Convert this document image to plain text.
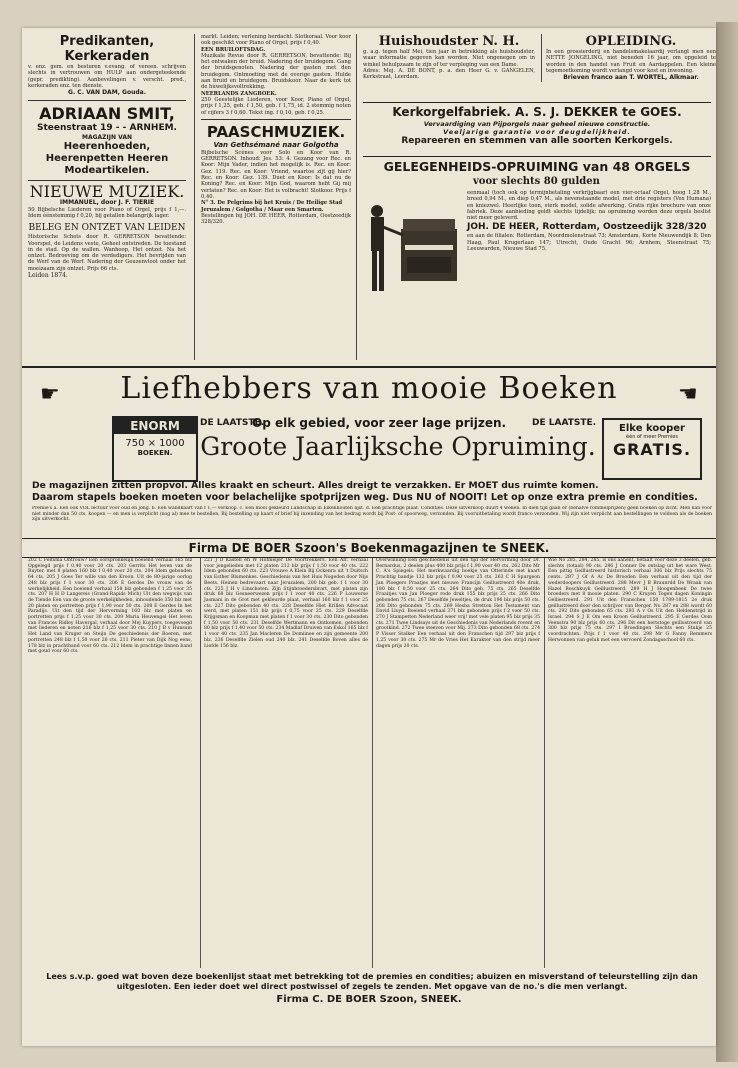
Predikanten, Kerkeraden
v. enz. gem. en besturen v.evang. of vereen. schrijven slechts in vertrouwen om HULP aan ondergeteekende (gepr. predikting). Aanbevelingen v. verscht. pred., kerkeraden enz. ten dienste.
G. C. VAN DAM, Gouda.
ADRIAAN SMIT,
Steenstraat 19 - - ARNHEM.
MAGAZIJN VAN
Heerenhoeden, Heerenpetten Heeren Modeartikelen.
NIEUWE MUZIEK.
IMMANUEL, door J. F. TIERIE
50 Bijbelsche Liederen voor Piano of Orgel, prijs f 1,—. Idem éénstemmig f 0,20, bij getallen belangrijk lager.
BELEG EN ONTZET VAN LEIDEN
Historische Schets door R. GERRETSON bevattende: Voorspel, de Leidens veste, Geheel ontstreden. De toestand in de stad. Op de wallen. Wanhoop, Het ontzet. Na het ontzet. Bedroeving om de verdedigers. Het bevrijden van de Werf van de Werf. Nadering der Geuzenvloot onder het moeizaam zijn ontzet. Prijs 66 cts.
Leiden 1874.
markt. Leiden; verlening herdacht. Slotkoraal. Voor koor ook geschikt voor Piano of Orgel, prijs f 0,40.
EEN BRUILOFTSDAG.
Muzikale Revue door R. GERRETSON, bevattende: Bij het ontwaken der bruid. Nadering der bruidegom. Gang der bruidsgenoten. Nadering der gasten met den bruidegom. Ontmoeting met de overige gasten. Hulde aan bruid en bruidegom. Bruidskoor. Naar de kerk tot de huwelijksvoltrekking.
NEERLANDS ZANGBOEK.
250 Geestelijke Liederen, voor Koor, Piano of Orgel, prijs f 1,25, geb. f 1,50, geb. f 1,75, id. 2 stemmig noten of cijfers 3 f 0,60. Tekst ing. f 0,10, geb. f 0,25.
PAASCHMUZIEK.
Van Gethsémané naar Golgotha
Bijbelsche Scènes voor Solo en Koor van R. GERRETSON. Inhoud: Jes. 53: 4. Gezang voor Rec. en Koor: Mijn Vader, indien het mogelijk is. Rec. en Koor: Gez. 119. Rec. en Koor: Vriend, waartoe zijt gij hier? Rec. en Koor: Gez. 139. Duet en Koor: Is dat nu de Koning? Rec. en Koor: Mijn God, waarom hebt Gij mij verlaten? Rec. en Koor: Het is volbracht! Slotkoor. Prijs f 0,40.
N° 3. De Pelgrims bij het Kruis / De Heilige Stad Jeruzalem / Golgotha / Maar een Smarten.
Bestellingen bij JOH. DE HEER, Rotterdam, Oostzeedijk 328/320.
Huishoudster N. H.
g. a.g. tegen half Mei, tien jaar in betrekking als huishoudster, waar informatie gegeven kan worden. Niet ongenegen om in winkel behulpzaam te zijn of ter verpleging van een Dame.
Adres: Mej. A. DE BONT, p. a. den Heer G. v. GANGELEN, Kerkstraat, Leerdam.
OPLEIDING.
In een grossierderij en handelsmakelaardij verlangt men een NETTE JONGELING, niet beneden 16 jaar, om opgeleid te worden in den handel van Fruit en Aardappelen. Een kleine tegemoetkoming wordt verlangd voor kost en inwoning.
Brieven franco aan T. WORTEL, Alkmaar.
Kerkorgelfabriek. A. S. J. DEKKER te GOES.
Vervaardiging van Pijporgels naar geheel nieuwe constructie.
Veeljarige garantie voor deugdelijkheid.
Repareeren en stemmen van alle soorten Kerkorgels.
GELEGENHEIDS-OPRUIMING van 48 ORGELS
voor slechts 80 gulden
eenmaal (toch ook op termijnbetaling verkrijgbaar) een vier-octaaf Orgel, hoog 1,28 M., breed 0,94 M., en diep 0,47 M., als nevenstaande model, met drie registers (Vox Humana) en kniezwel. Heerlijke toon, sterk model, solide afwerking. Gratis rijke brochure van onze fabriek. Deze aanbieding geldt slechts tijdelijk; na opruiming worden deze orgels beslist niet meer geleverd.
JOH. DE HEER, Rotterdam, Oostzeedijk 328/320
en aan de filialen: Rotterdam, Noordmolenstraat 73; Amsterdam, Korte Nieuwendijk 8; Den Haag, Paul Krugerlaan 147; Utrecht, Oude Gracht 96; Arnhem, Steenstraat 75; Leeuwarden, Nieuwe Stad 75.
☛	☛
Liefhebbers van mooie Boeken
ENORM
750 × 1000
BOEKEN.
DE LAATSTE.
Op elk gebied, voor zeer lage prijzen.	DE LAATSTE.
Groote Jaarlijksche Opruiming.
Elke kooper
één of meer Premies
GRATIS.
De magazijnen zitten propvol. Alles kraakt en scheurt. Alles dreigt te verzakken. Er MOET dus ruimte komen.
Daarom stapels boeken moeten voor belachelijke spotprijzen weg. Dus NU of NOOIT! Let op onze extra premie en condities.
Premie's a. Een ook VOL lectuur voor oud en jong. b. Een wandkaart van f 1,— verkoop. c. Een mooi gekleurd Landschap in Eikenhouten lijst. d. Een prachtige plaat. Condities. Deze uitverkoop duurt 4 weken. In dien tijd gaan er (behalve rommelprijzen) geen boeken op zicht. Men kan voor niet minder dan 50 cts. koopen — en men is verplicht (nog al) mee te bestellen. Bij bestelling op kaart of brief bij inzending van het bedrag wordt bij Post- of spoorweg, verzonden. Bij vooruitbetaling wordt franco verzonden. Wij zijn niet verplicht aan bestellingen te voldoen als de boeken zijn uitverkocht.
Firma DE BOER Szoon's Boekenmagazijnen te SNEEK.
202 C Feitsma Ontrouw? Een oorspronkelijk boeiend verhaal 165 blz Opgelegd prijs f 0,40 voor 20 cts. 203 Gerrits Het leven van de Ruyter, met 8 platen 160 blz f 0,40 voor 20 cts. 204 Idem gebonden 64 cts. 205 J Goes Ter wille van den Kroon. Uit de 80-jarige oorlog 248 blz prijs f 1 voor 30 cts. 206 E Gerdes De vrouw van de werkelijkheid. Een boeiend verhaal 158 blz gebonden f 1,25 voor 35 cts. 207 H H D Langereis (Grand-Rapids Mich) Uit den wegwijs van de Tiende Een van de groote werkelijkheden, inhoudende 350 blz met 20 platen en portretten prijs f 1,90 voor 50 cts. 208 E Gerdes In het Paradijs. Uit den tijd der Hervorming 160 blz met platen en portretten prijs f 1,25 voor 30 cts. 209 Maria Heuvengel Het leven van Frances Ridley Havergal, verhaal door Mej Kuypers, toegevoegd met liederen en noten 216 blz f 1,25 voor 30 cts. 210 J B v Hunsum Het Land van Kruger en Steijn De geschiedenis der Boeren, met portretten 248 blz f 1,50 voor 20 cts. 211 Pieter van Dijk Nog eens, 178 blz in prachtband voor 60 cts. 212 Idem in prachtige linnen band met goud voor 60 cts.
221 J D Kastell en W Hofmeijer De Voortrekkers. Een Afr. verhaal voor jongelieden met 12 platen 212 blz prijs f 1,50 voor 40 cts. 222 Idem gebonden 60 cts. 223 Vrouwe A Klein Bij Ockenra uit 't Duitsch van Esther Blumenkes. Geschiedenis van het Huis Nogeden door Nijs Beets. Heinen bedrevaart naar Jeruzalem, 200 blz geb. f 1 voor 30 cts. 225 J H v Linschoten. Zijn Stijnbroedersbrart, met platen zijn druk 68 blz Gesneerwezen prijs f 1 voor 40 cts. 226 P Louwerse Jasmani in de Grot met gekleurde plaat, verhaal 160 blz f 1 voor 25 cts. 227 Dito gebonden 40 cts. 228 Deselfde Hiet Krillen Advocaat werd, met platen 151 blz prijs f 0,75 voor 25 cts. 229 Deselfde Krijgsman en Koopman met platen f 1 voor 30 cts. 230 Dito gebonden f 1,50 voor 50 cts. 231 Deselfde Wertmann en Ontkomen, gebonden 80 blz prijs f 1,40 voor 50 cts. 234 Madlaf Druiven van Eskol 165 blz f 1 voor 40 cts. 235 Jan Macleren De Domiinee en zijn gemeente 200 blz. 236 Deselfde Zielen oud 240 blz. 241 Deselfde Boven alles de Liefde 156 blz.
Overwinning Een geschiedenis uit den tijd der Hervorming door Dr. Bernardus, 2 deelen plus 400 blz prijs f 1,90 voor 40 cts. 262 Dito Mr C. A's Spiegels. Het merkwaardig boekje van Otterinde met kaart Prachtig bandje 132 blz prijs f 0,90 voor 25 cts. 263 C H Spurgeon Jan Ploegers Praatjes met nieuwe Francijn Geillustreerd 40e druk, 180 blz f 0,50 voor 25 cts. 264 Dito geb. 75 cts. 265 Deselfde Fraaitjes van Jan Ploeger rode druk 155 blz prijs 25 cts. 266 Dito gebonden 75 cts. 267 Deselfde Jeweltjes, de druk 196 blz prijs 50 cts. 268 Dito gebonden 75 cts. 269 Hesba Stretton Het Testament van David Lloyd. Boeiend verhaal 371 blz gebonden prijs f 2 voor 50 cts. 270 J Stampetten Nederland weer vrij! met vele platen 95 blz prijs 35 cts. 271 Twee Lindsays uit de Geschiedenis van Nederlands rovent en grootkind. 272 Twee steeven voor Mij. 273 Dito gebonden 68 cts. 274 P Visser Stalker Een verhaal uit den Franschen tijd 297 blz prijs f 1,25 voor 30 cts. 275 Mr de Vries Het Karakter van den strijd meer dagen prijs 20 cts.
Wie No 285, 284, 285, is ons aanent, betaalt voor deze 3 deelen, geb. slechts (totaal) 90 cts. 286 J Conner De ontslag uit het ware West. Een pittig Geillustreerd historisch verhaal 306 blz Prijs slechts 75 cents. 287 J Gf A Ac De Brooden Een verhaal uit den tijd der wederdoopers Geillustreerd. 288 Mevr J B Braunrdd De Wraak van Hazel Boschkuyk Geillustreerd. 289 H J Hoogenbeek De twee broeders met 8 mooie platen. 290 C Kruyen Tegen dagen Koningin Gelliestreerd. 291 Uit den Franschen 150 1789-1815 2e druk geillustreerd door den schrijver van Berger. No 287 en 288 wordt 60 cts. 292 Dito gebonden 65 cts. 293 A v Os Uit den Heldenstrijd in Israel. 294 S J E Om een Kroon Geillustreerd. 295 E Gerdes Oom Veenstra 90 blz prijs 60 cts. 296 Dit een hertstoge geillustreerd van 300 blz prijs 75 cts. 297 I Broedingen Slechts een Stukje 25 voordrachten. Prijs f 1 voor 40 cts. 298 Mr G Fanny Remmers Herwonnen van geluk met een vervoerd Zondagsschool 60 cts.
Lees s.v.p. goed wat boven deze boekenlijst staat met betrekking tot de premies en condities; abuizen en misverstand of teleurstelling zijn dan uitgesloten. Een ieder doet wel direct postwissel of zegels te zenden. Met opgave van de no.'s die men verlangt.
Firma C. DE BOER Szoon, SNEEK.
